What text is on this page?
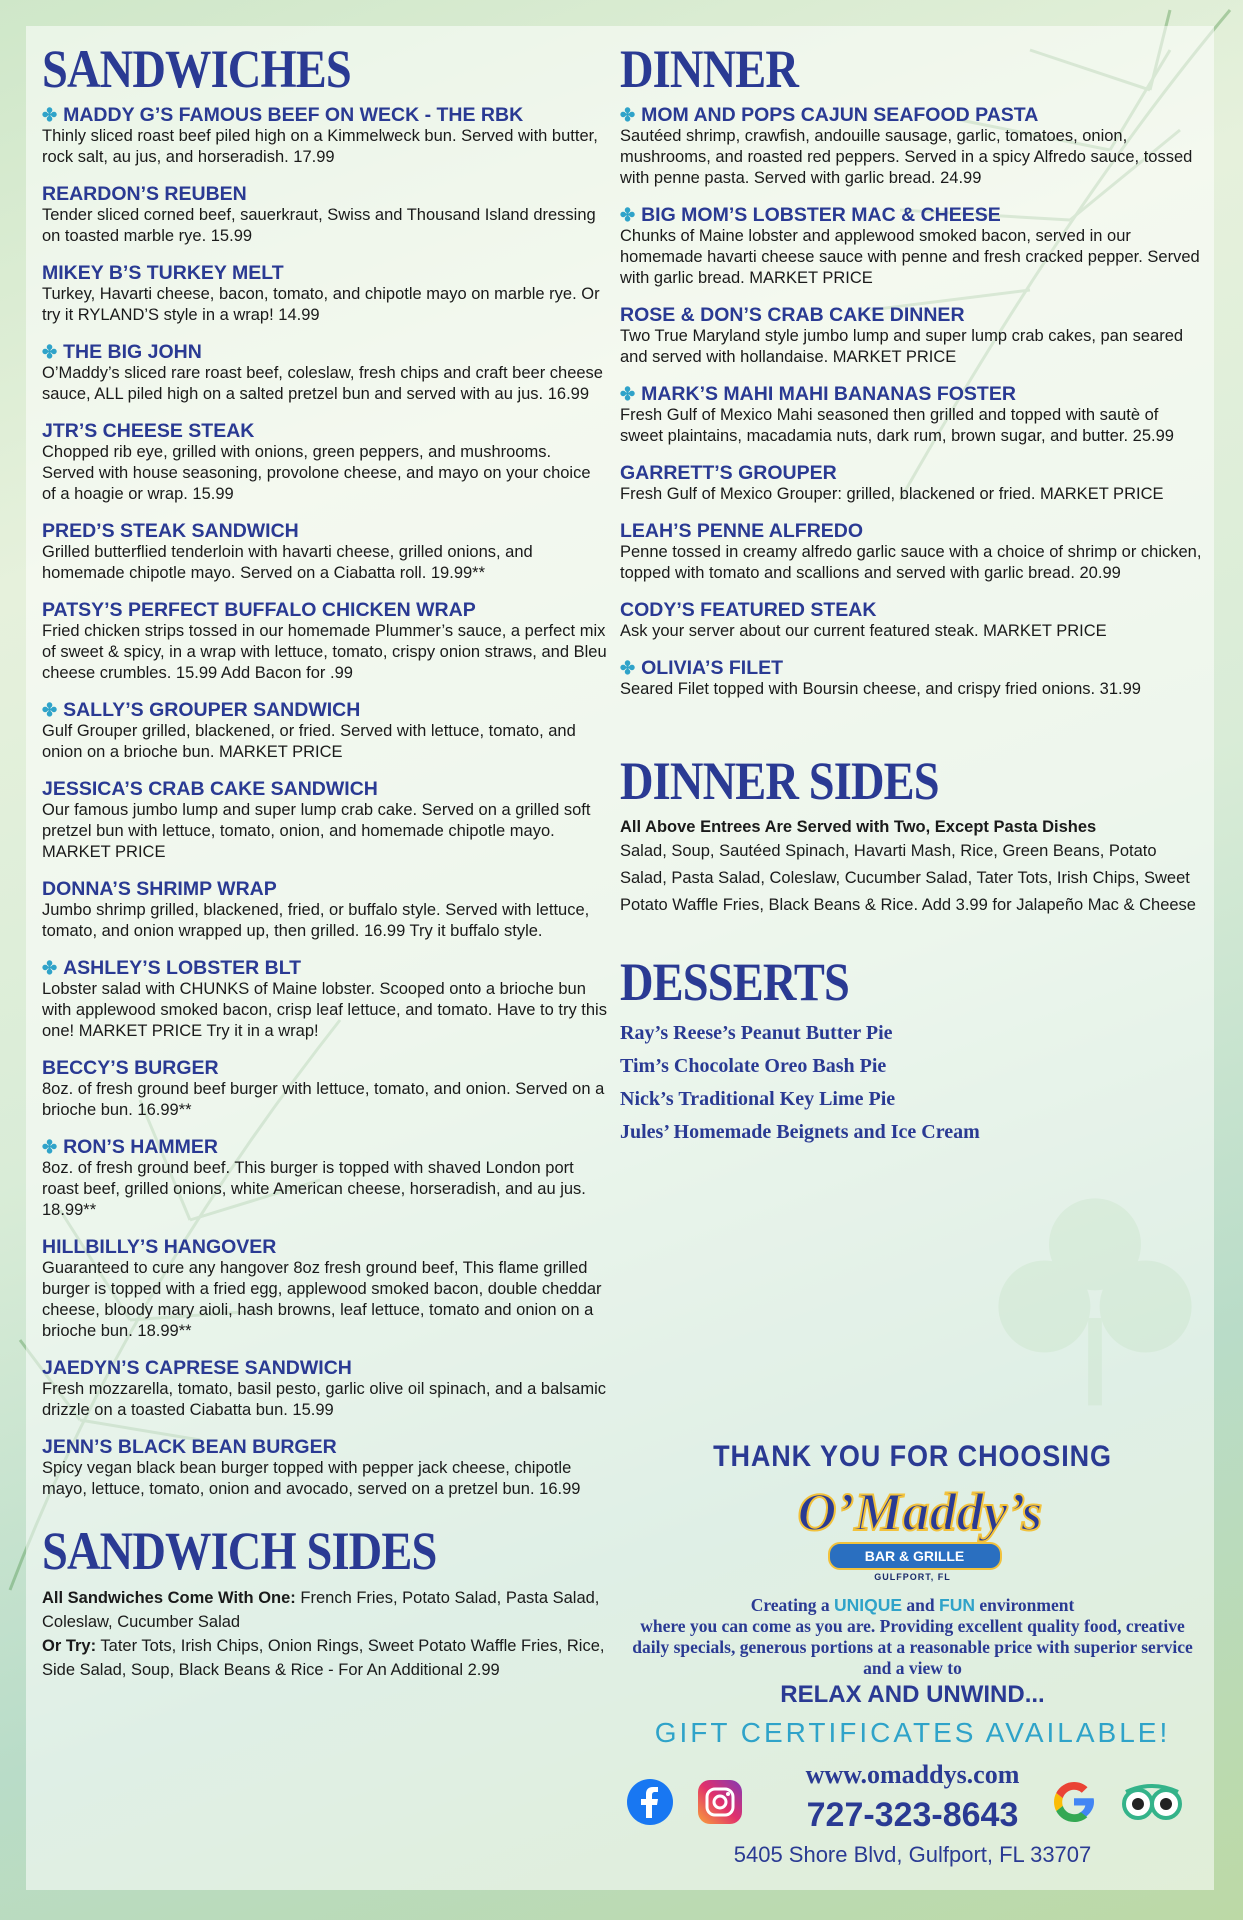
SANDWICHES
✤ MADDY G’S FAMOUS BEEF ON WECK - THE RBK
Thinly sliced roast beef piled high on a Kimmelweck bun. Served with butter, rock salt, au jus, and horseradish. 17.99
REARDON’S REUBEN
Tender sliced corned beef, sauerkraut, Swiss and Thousand Island dressing on toasted marble rye. 15.99
MIKEY B’S TURKEY MELT
Turkey, Havarti cheese, bacon, tomato, and chipotle mayo on marble rye. Or try it RYLAND’S style in a wrap! 14.99
✤ THE BIG JOHN
O’Maddy’s sliced rare roast beef, coleslaw, fresh chips and craft beer cheese sauce, ALL piled high on a salted pretzel bun and served with au jus. 16.99
JTR’S CHEESE STEAK
Chopped rib eye, grilled with onions, green peppers, and mushrooms. Served with house seasoning, provolone cheese, and mayo on your choice of a hoagie or wrap. 15.99
PRED’S STEAK SANDWICH
Grilled butterflied tenderloin with havarti cheese, grilled onions, and homemade chipotle mayo. Served on a Ciabatta roll. 19.99**
PATSY’S PERFECT BUFFALO CHICKEN WRAP
Fried chicken strips tossed in our homemade Plummer’s sauce, a perfect mix of sweet & spicy, in a wrap with lettuce, tomato, crispy onion straws, and Bleu cheese crumbles. 15.99 Add Bacon for .99
✤ SALLY’S GROUPER SANDWICH
Gulf Grouper grilled, blackened, or fried. Served with lettuce, tomato, and onion on a brioche bun. MARKET PRICE
JESSICA’S CRAB CAKE SANDWICH
Our famous jumbo lump and super lump crab cake. Served on a grilled soft pretzel bun with lettuce, tomato, onion, and homemade chipotle mayo. MARKET PRICE
DONNA’S SHRIMP WRAP
Jumbo shrimp grilled, blackened, fried, or buffalo style. Served with lettuce, tomato, and onion wrapped up, then grilled. 16.99 Try it buffalo style.
✤ ASHLEY’S LOBSTER BLT
Lobster salad with CHUNKS of Maine lobster. Scooped onto a brioche bun with applewood smoked bacon, crisp leaf lettuce, and tomato. Have to try this one! MARKET PRICE Try it in a wrap!
BECCY’S BURGER
8oz. of fresh ground beef burger with lettuce, tomato, and onion. Served on a brioche bun. 16.99**
✤ RON’S HAMMER
8oz. of fresh ground beef. This burger is topped with shaved London port roast beef, grilled onions, white American cheese, horseradish, and au jus. 18.99**
HILLBILLY’S HANGOVER
Guaranteed to cure any hangover 8oz fresh ground beef, This flame grilled burger is topped with a fried egg, applewood smoked bacon, double cheddar cheese, bloody mary aioli, hash browns, leaf lettuce, tomato and onion on a brioche bun. 18.99**
JAEDYN’S CAPRESE SANDWICH
Fresh mozzarella, tomato, basil pesto, garlic olive oil spinach, and a balsamic drizzle on a toasted Ciabatta bun. 15.99
JENN’S BLACK BEAN BURGER
Spicy vegan black bean burger topped with pepper jack cheese, chipotle mayo, lettuce, tomato, onion and avocado, served on a pretzel bun. 16.99
SANDWICH SIDES
All Sandwiches Come With One: French Fries, Potato Salad, Pasta Salad, Coleslaw, Cucumber Salad
Or Try: Tater Tots, Irish Chips, Onion Rings, Sweet Potato Waffle Fries, Rice, Side Salad, Soup, Black Beans & Rice - For An Additional 2.99
DINNER
✤ MOM AND POPS CAJUN SEAFOOD PASTA
Sautéed shrimp, crawfish, andouille sausage, garlic, tomatoes, onion, mushrooms, and roasted red peppers. Served in a spicy Alfredo sauce, tossed with penne pasta. Served with garlic bread. 24.99
✤ BIG MOM’S LOBSTER MAC & CHEESE
Chunks of Maine lobster and applewood smoked bacon, served in our homemade havarti cheese sauce with penne and fresh cracked pepper. Served with garlic bread. MARKET PRICE
ROSE & DON’S CRAB CAKE DINNER
Two True Maryland style jumbo lump and super lump crab cakes, pan seared and served with hollandaise. MARKET PRICE
✤ MARK’S MAHI MAHI BANANAS FOSTER
Fresh Gulf of Mexico Mahi seasoned then grilled and topped with sautè of sweet plaintains, macadamia nuts, dark rum, brown sugar, and butter. 25.99
GARRETT’S GROUPER
Fresh Gulf of Mexico Grouper: grilled, blackened or fried. MARKET PRICE
LEAH’S PENNE ALFREDO
Penne tossed in creamy alfredo garlic sauce with a choice of shrimp or chicken, topped with tomato and scallions and served with garlic bread. 20.99
CODY’S FEATURED STEAK
Ask your server about our current featured steak. MARKET PRICE
✤ OLIVIA’S FILET
Seared Filet topped with Boursin cheese, and crispy fried onions. 31.99
DINNER SIDES
All Above Entrees Are Served with Two, Except Pasta Dishes
Salad, Soup, Sautéed Spinach, Havarti Mash, Rice, Green Beans, Potato Salad, Pasta Salad, Coleslaw, Cucumber Salad, Tater Tots, Irish Chips, Sweet Potato Waffle Fries, Black Beans & Rice. Add 3.99 for Jalapeño Mac & Cheese
DESSERTS
Ray’s Reese’s Peanut Butter Pie
Tim’s Chocolate Oreo Bash Pie
Nick’s Traditional Key Lime Pie
Jules’ Homemade Beignets and Ice Cream
THANK YOU FOR CHOOSING
O’Maddy’s
BAR & GRILLE
GULFPORT, FL
Creating a UNIQUE and FUN environment
where you can come as you are. Providing excellent quality food, creative daily specials, generous portions at a reasonable price with superior service and a view to
RELAX AND UNWIND...
GIFT CERTIFICATES AVAILABLE!
www.omaddys.com
727-323-8643
5405 Shore Blvd, Gulfport, FL 33707
